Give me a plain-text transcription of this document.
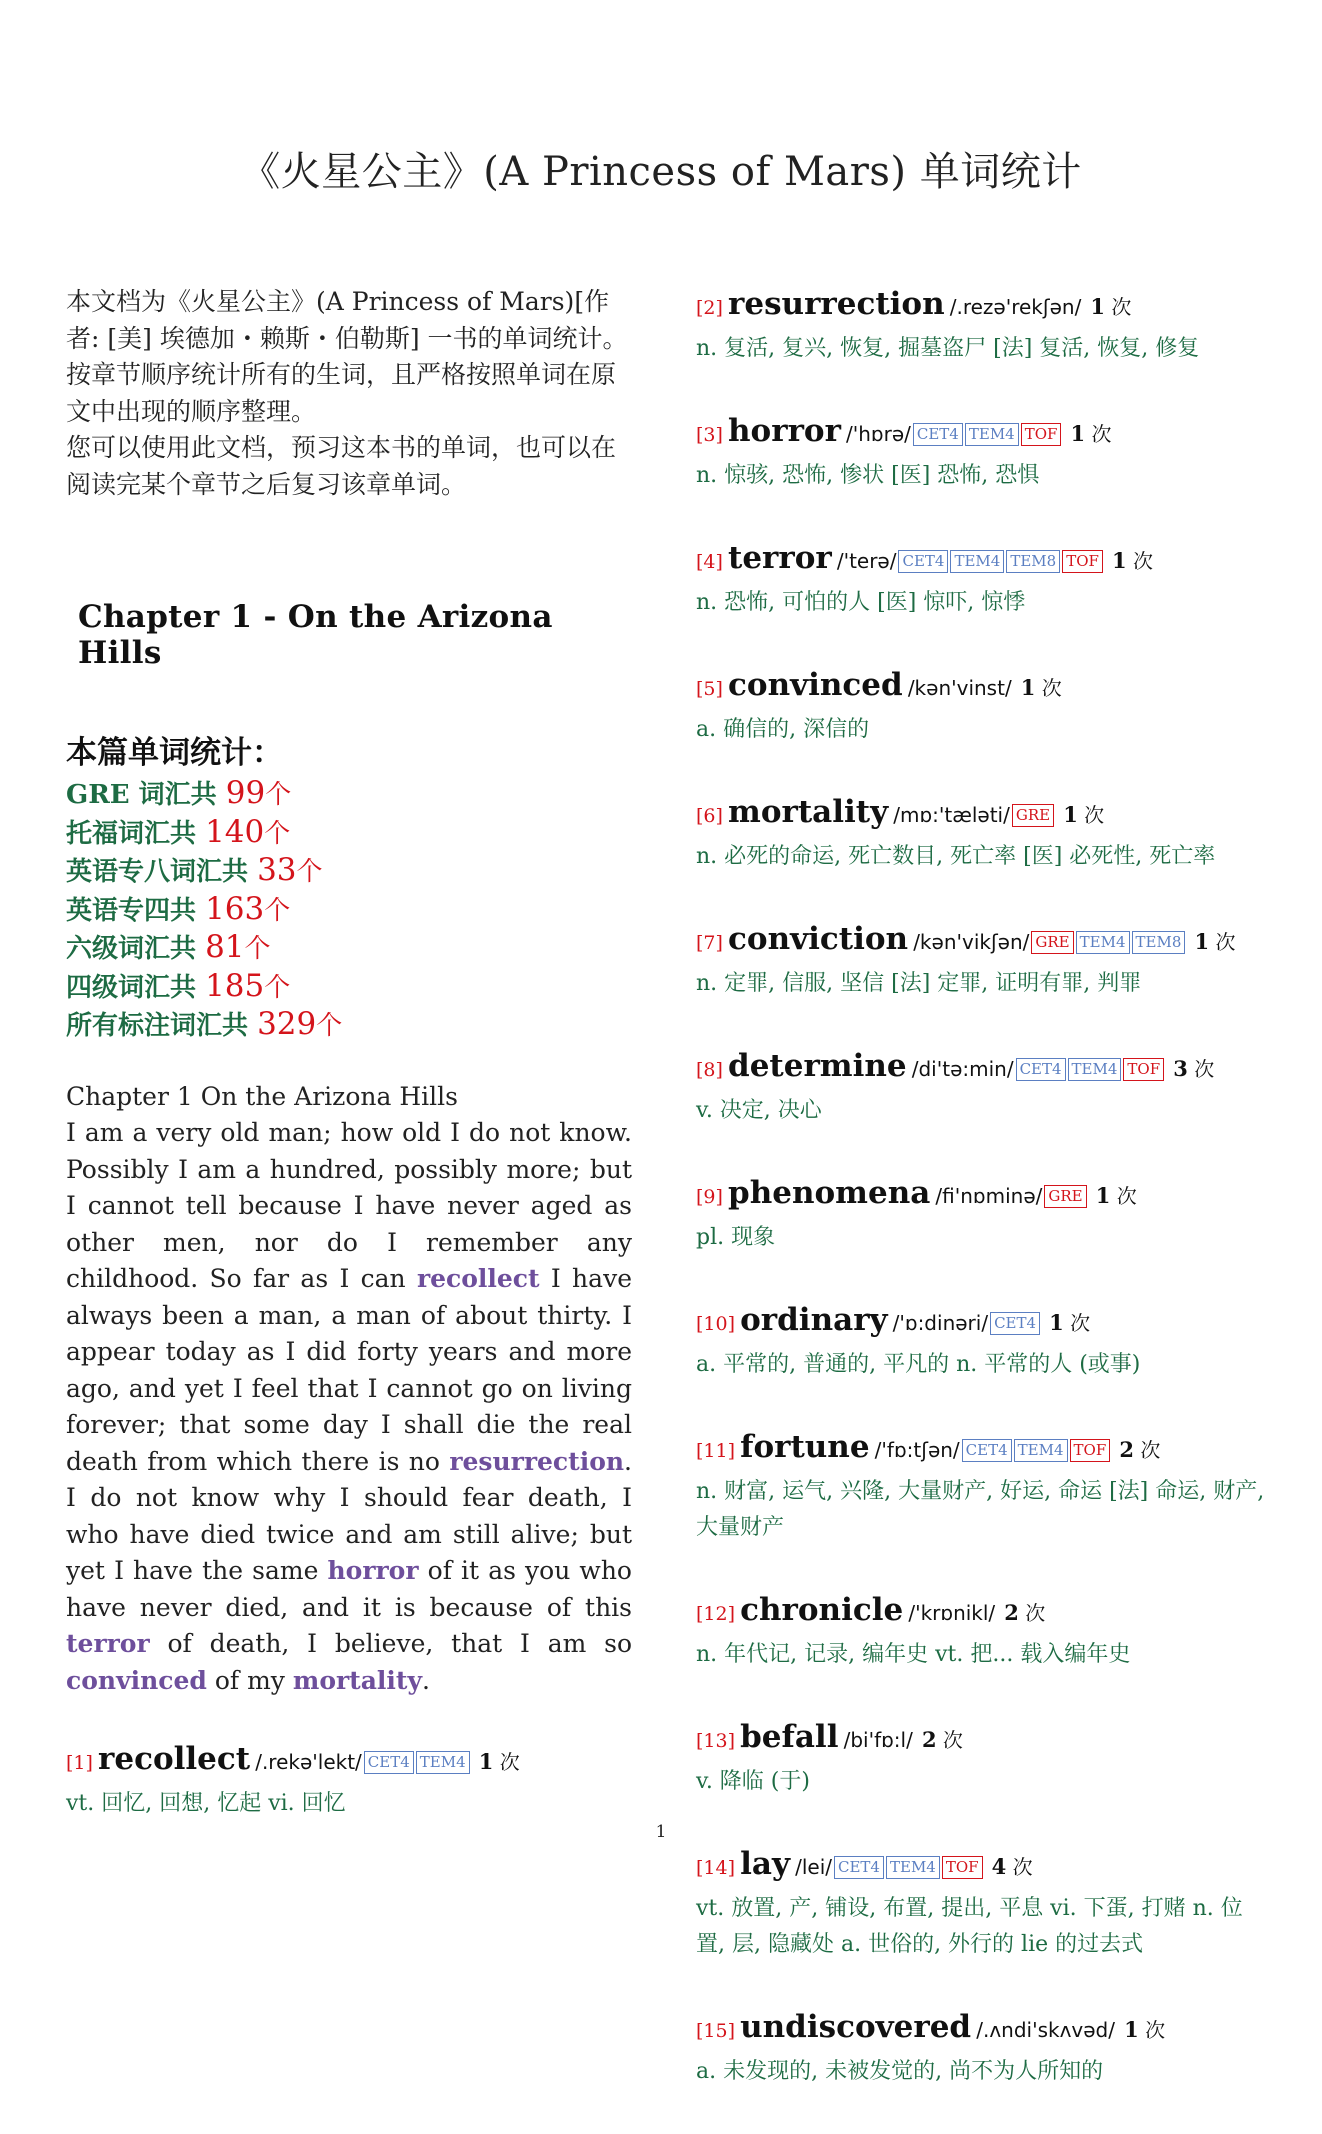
《火星公主》(A Princess of Mars) 单词统计

本文档为《火星公主》(A Princess of Mars)[作者: [美] 埃德加・赖斯・伯勒斯] 一书的单词统计。

按章节顺序统计所有的生词，且严格按照单词在原文中出现的顺序整理。

您可以使用此文档，预习这本书的单词，也可以在阅读完某个章节之后复习该章单词。

Chapter 1 - On the Arizona Hills
本篇单词统计：
GRE 词汇共 99个
托福词汇共 140个
英语专八词汇共 33个
英语专四共 163个
六级词汇共 81个
四级词汇共 185个
所有标注词汇共 329个
Chapter 1 On the Arizona Hills
I am a very old man; how old I do not know. Possibly I am a hundred, possibly more; but I cannot tell because I have never aged as other men, nor do I remember any childhood. So far as I can recollect I have always been a man, a man of about thirty. I appear today as I did forty years and more ago, and yet I feel that I cannot go on living forever; that some day I shall die the real death from which there is no resurrection. I do not know why I should fear death, I who have died twice and am still alive; but yet I have the same horror of it as you who have never died, and it is because of this terror of death, I believe, that I am so convinced of my mortality.
[1] recollect /.rekə'lekt/ CET4 TEM4 1 次
vt. 回忆, 回想, 忆起 vi. 回忆
[2] resurrection /.rezə'rekʃən/ 1 次
n. 复活, 复兴, 恢复, 掘墓盗尸 [法] 复活, 恢复, 修复
[3] horror /'hɒrə/ CET4 TEM4 TOF 1 次
n. 惊骇, 恐怖, 惨状 [医] 恐怖, 恐惧
[4] terror /'terə/ CET4 TEM4 TEM8 TOF 1 次
n. 恐怖, 可怕的人 [医] 惊吓, 惊悸
[5] convinced /kən'vinst/ 1 次
a. 确信的, 深信的
[6] mortality /mɒ:'tæləti/ GRE 1 次
n. 必死的命运, 死亡数目, 死亡率 [医] 必死性, 死亡率
[7] conviction /kən'vikʃən/ GRE TEM4 TEM8 1 次
n. 定罪, 信服, 坚信 [法] 定罪, 证明有罪, 判罪
[8] determine /di'tə:min/ CET4 TEM4 TOF 3 次
v. 决定, 决心
[9] phenomena /fi'nɒminə/ GRE 1 次
pl. 现象
[10] ordinary /'ɒ:dinəri/ CET4 1 次
a. 平常的, 普通的, 平凡的 n. 平常的人 (或事)
[11] fortune /'fɒ:tʃən/ CET4 TEM4 TOF 2 次
n. 财富, 运气, 兴隆, 大量财产, 好运, 命运 [法] 命运, 财产, 大量财产
[12] chronicle /'krɒnikl/ 2 次
n. 年代记, 记录, 编年史 vt. 把... 载入编年史
[13] befall /bi'fɒ:l/ 2 次
v. 降临 (于)
[14] lay /lei/ CET4 TEM4 TOF 4 次
vt. 放置, 产, 铺设, 布置, 提出, 平息 vi. 下蛋, 打赌 n. 位置, 层, 隐藏处 a. 世俗的, 外行的 lie 的过去式
[15] undiscovered /.ʌndi'skʌvəd/ 1 次
a. 未发现的, 未被发觉的, 尚不为人所知的
1
